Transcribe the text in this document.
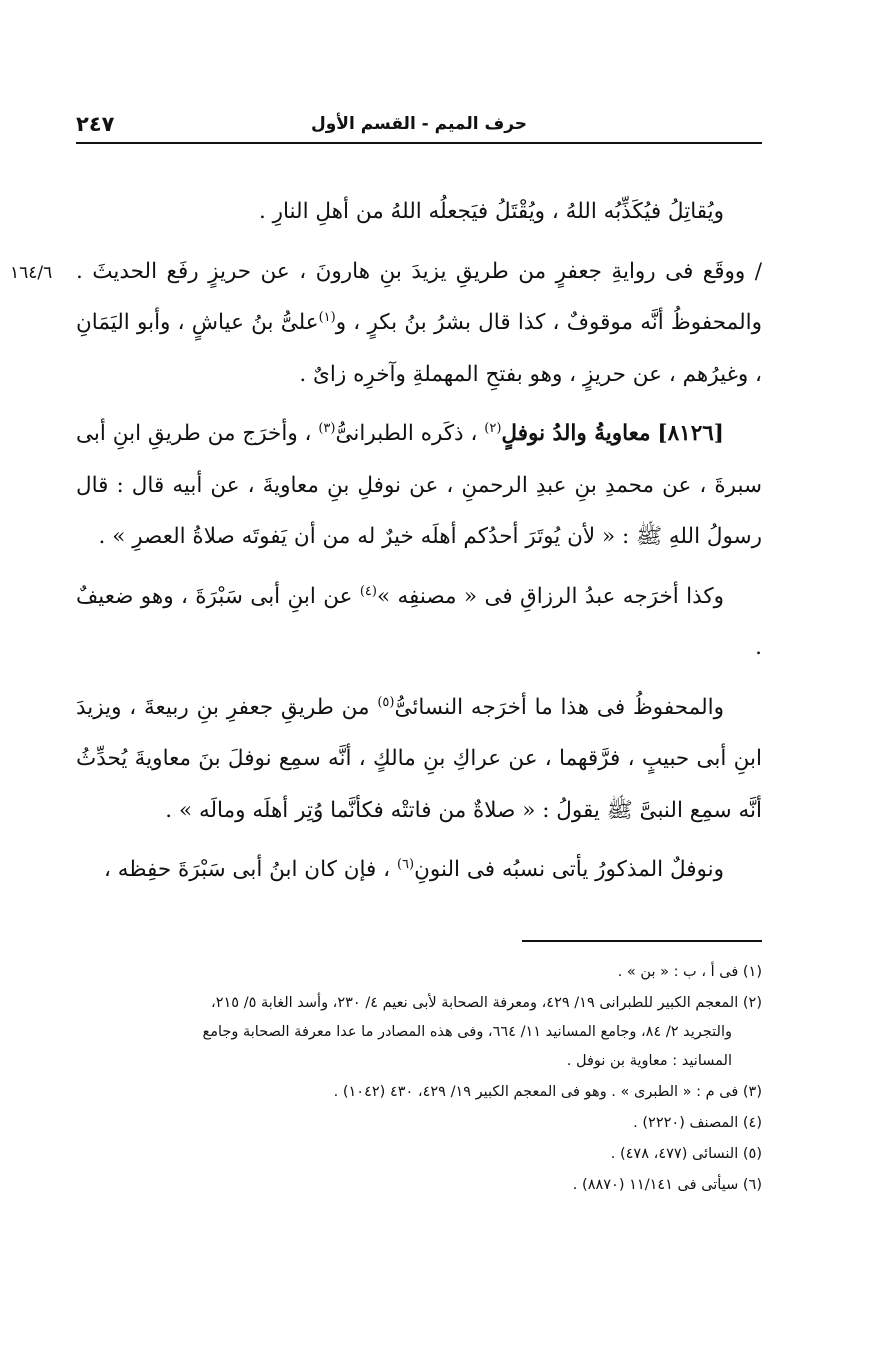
٢٤٧	حرف الميم - القسم الأول
١٦٤/٦

ويُقاتِلُ فيُكَذِّبُه اللهُ ، ويُقْتَلُ فيَجعلُه اللهُ من أهلِ النارِ .

/ ووقَع فى روايةِ جعفرٍ من طريقِ يزيدَ بنِ هارونَ ، عن حريزٍ رفَع الحديثَ . والمحفوظُ أنَّه موقوفٌ ، كذا قال بشرُ بنُ بكرٍ ، و$^{(١)}$علىُّ بنُ عياشٍ ، وأبو اليَمَانِ ، وغيرُهم ، عن حريزٍ ، وهو بفتحِ المهملةِ وآخرِه زاىٌ .

[٨١٢٦] معاويةُ والدُ نوفلٍ$^{(٢)}$ ، ذكَره الطبرانىُّ$^{(٣)}$ ، وأخرَج من طريقِ ابنِ أبى سبرةَ ، عن محمدِ بنِ عبدِ الرحمنِ ، عن نوفلِ بنِ معاويةَ ، عن أبيه قال : قال رسولُ اللهِ ﷺ : « لأن يُوتَرَ أحدُكم أهلَه خيرٌ له من أن يَفوتَه صلاةُ العصرِ » .

وكذا أخرَجه عبدُ الرزاقِ فى « مصنفِه »$^{(٤)}$ عن ابنِ أبى سَبْرَةَ ، وهو ضعيفٌ .

والمحفوظُ فى هذا ما أخرَجه النسائىُّ$^{(٥)}$ من طريقِ جعفرِ بنِ ربيعةَ ، ويزيدَ ابنِ أبى حبيبٍ ، فرَّقهما ، عن عراكِ بنِ مالكٍ ، أنَّه سمِع نوفلَ بنَ معاويةَ يُحدِّثُ أنَّه سمِع النبىَّ ﷺ يقولُ : « صلاةٌ من فاتتْه فكأنَّما وُتِر أهلَه ومالَه » .

ونوفلٌ المذكورُ يأتى نسبُه فى النونِ$^{(٦)}$ ، فإن كان ابنُ أبى سَبْرَةَ حفِظه ،

(١) فى أ ، ب : « بن » .
(٢) المعجم الكبير للطبرانى ١٩/ ٤٢٩، ومعرفة الصحابة لأبى نعيم ٤/ ٢٣٠، وأسد الغابة ٥/ ٢١٥،
والتجريد ٢/ ٨٤، وجامع المسانيد ١١/ ٦٦٤، وفى هذه المصادر ما عدا معرفة الصحابة وجامع
المسانيد : معاوية بن نوفل .
(٣) فى م : « الطبرى » . وهو فى المعجم الكبير ١٩/ ٤٢٩، ٤٣٠ (١٠٤٢) .
(٤) المصنف (٢٢٢٠) .
(٥) النسائى (٤٧٧، ٤٧٨) .
(٦) سيأتى فى ١١/١٤١ (٨٨٧٠) .
